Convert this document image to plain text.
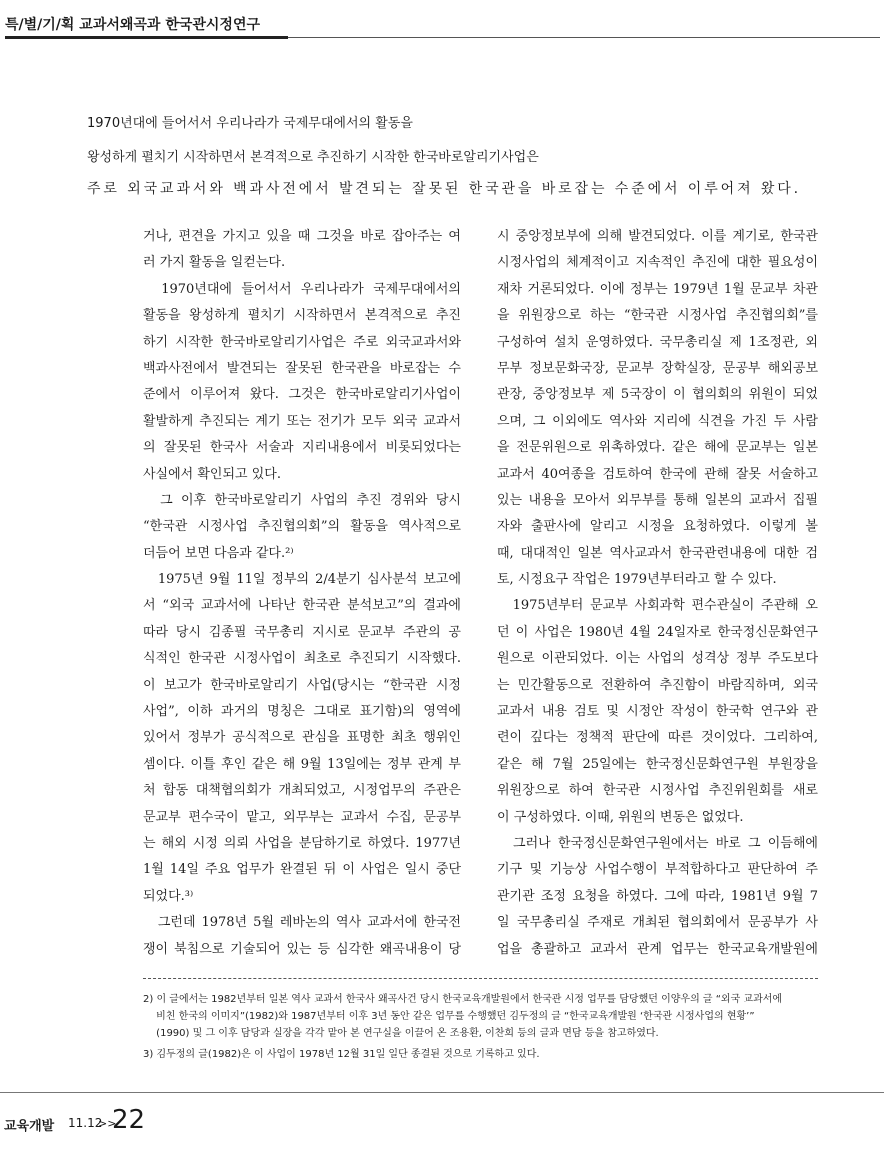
특/별/기/획 교과서왜곡과 한국관시정연구
1970년대에 들어서서 우리나라가 국제무대에서의 활동을
왕성하게 펼치기 시작하면서 본격적으로 추진하기 시작한 한국바로알리기사업은
주로 외국교과서와 백과사전에서 발견되는 잘못된 한국관을 바로잡는 수준에서 이루어져 왔다.
거나, 편견을 가지고 있을 때 그것을 바로 잡아주는 여
러 가지 활동을 일컫는다.
　1970년대에 들어서서 우리나라가 국제무대에서의
활동을 왕성하게 펼치기 시작하면서 본격적으로 추진
하기 시작한 한국바로알리기사업은 주로 외국교과서와
백과사전에서 발견되는 잘못된 한국관을 바로잡는 수
준에서 이루어져 왔다. 그것은 한국바로알리기사업이
활발하게 추진되는 계기 또는 전기가 모두 외국 교과서
의 잘못된 한국사 서술과 지리내용에서 비롯되었다는
사실에서 확인되고 있다.
　그 이후 한국바로알리기 사업의 추진 경위와 당시
“한국관 시정사업 추진협의회”의 활동을 역사적으로
더듬어 보면 다음과 같다.²⁾
　1975년 9월 11일 정부의 2/4분기 심사분석 보고에
서 “외국 교과서에 나타난 한국관 분석보고”의 결과에
따라 당시 김종필 국무총리 지시로 문교부 주관의 공
식적인 한국관 시정사업이 최초로 추진되기 시작했다.
이 보고가 한국바로알리기 사업(당시는 “한국관 시정
사업”, 이하 과거의 명칭은 그대로 표기함)의 영역에
있어서 정부가 공식적으로 관심을 표명한 최초 행위인
셈이다. 이틀 후인 같은 해 9월 13일에는 정부 관계 부
처 합동 대책협의회가 개최되었고, 시정업무의 주관은
문교부 편수국이 맡고, 외무부는 교과서 수집, 문공부
는 해외 시정 의뢰 사업을 분담하기로 하였다. 1977년
1월 14일 주요 업무가 완결된 뒤 이 사업은 일시 중단
되었다.³⁾
　그런데 1978년 5월 레바논의 역사 교과서에 한국전
쟁이 북침으로 기술되어 있는 등 심각한 왜곡내용이 당
시 중앙정보부에 의해 발견되었다. 이를 계기로, 한국관
시정사업의 체계적이고 지속적인 추진에 대한 필요성이
재차 거론되었다. 이에 정부는 1979년 1월 문교부 차관
을 위원장으로 하는 “한국관 시정사업 추진협의회”를
구성하여 설치 운영하였다. 국무총리실 제 1조정관, 외
무부 정보문화국장, 문교부 장학실장, 문공부 해외공보
관장, 중앙정보부 제 5국장이 이 협의회의 위원이 되었
으며, 그 이외에도 역사와 지리에 식견을 가진 두 사람
을 전문위원으로 위촉하였다. 같은 해에 문교부는 일본
교과서 40여종을 검토하여 한국에 관해 잘못 서술하고
있는 내용을 모아서 외무부를 통해 일본의 교과서 집필
자와 출판사에 알리고 시정을 요청하였다. 이렇게 볼
때, 대대적인 일본 역사교과서 한국관련내용에 대한 검
토, 시정요구 작업은 1979년부터라고 할 수 있다.
　1975년부터 문교부 사회과학 편수관실이 주관해 오
던 이 사업은 1980년 4월 24일자로 한국정신문화연구
원으로 이관되었다. 이는 사업의 성격상 정부 주도보다
는 민간활동으로 전환하여 추진함이 바람직하며, 외국
교과서 내용 검토 및 시정안 작성이 한국학 연구와 관
련이 깊다는 정책적 판단에 따른 것이었다. 그리하여,
같은 해 7월 25일에는 한국정신문화연구원 부원장을
위원장으로 하여 한국관 시정사업 추진위원회를 새로
이 구성하였다. 이때, 위원의 변동은 없었다.
　그러나 한국정신문화연구원에서는 바로 그 이듬해에
기구 및 기능상 사업수행이 부적합하다고 판단하여 주
관기관 조정 요청을 하였다. 그에 따라, 1981년 9월 7
일 국무총리실 주재로 개최된 협의회에서 문공부가 사
업을 총괄하고 교과서 관계 업무는 한국교육개발원에
2) 이 글에서는 1982년부터 일본 역사 교과서 한국사 왜곡사건 당시 한국교육개발원에서 한국관 시정 업무를 담당했던 이양우의 글 “외국 교과서에
　 비친 한국의 이미지”(1982)와 1987년부터 이후 3년 동안 같은 업무를 수행했던 김두정의 글 “한국교육개발원 ‘한국관 시정사업의 현황’”
　 (1990) 및 그 이후 담당과 실장을 각각 맡아 본 연구실을 이끌어 온 조용환, 이찬희 등의 글과 면담 등을 참고하였다.
3) 김두정의 글(1982)은 이 사업이 1978년 12월 31일 일단 종결된 것으로 기록하고 있다.
교육개발 11.12
>>
22
